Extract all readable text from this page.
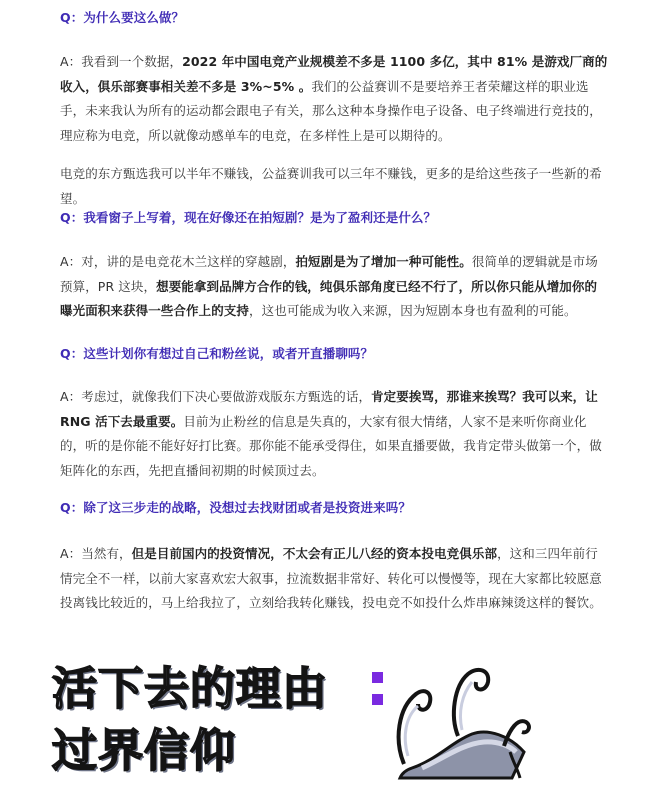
Q：为什么要这么做？
A：我看到一个数据，2022 年中国电竞产业规模差不多是 1100 多亿，其中 81% 是游戏厂商的收入，俱乐部赛事相关差不多是 3%~5% 。我们的公益赛训不是要培养王者荣耀这样的职业选手，未来我认为所有的运动都会跟电子有关，那么这种本身操作电子设备、电子终端进行竞技的，理应称为电竞，所以就像动感单车的电竞，在多样性上是可以期待的。
电竞的东方甄选我可以半年不赚钱，公益赛训我可以三年不赚钱，更多的是给这些孩子一些新的希望。
Q：我看窗子上写着，现在好像还在拍短剧？是为了盈利还是什么？
A：对，讲的是电竞花木兰这样的穿越剧，拍短剧是为了增加一种可能性。很简单的逻辑就是市场预算，PR 这块，想要能拿到品牌方合作的钱，纯俱乐部角度已经不行了，所以你只能从增加你的曝光面积来获得一些合作上的支持，这也可能成为收入来源，因为短剧本身也有盈利的可能。
Q：这些计划你有想过自己和粉丝说，或者开直播聊吗？
A：考虑过，就像我们下决心要做游戏版东方甄选的话，肯定要挨骂，那谁来挨骂？我可以来，让 RNG 活下去最重要。目前为止粉丝的信息是失真的，大家有很大情绪，人家不是来听你商业化的，听的是你能不能好好打比赛。那你能不能承受得住，如果直播要做，我肯定带头做第一个，做矩阵化的东西，先把直播间初期的时候顶过去。
Q：除了这三步走的战略，没想过去找财团或者是投资进来吗？
A：当然有，但是目前国内的投资情况，不太会有正儿八经的资本投电竞俱乐部，这和三四年前行情完全不一样，以前大家喜欢宏大叙事，拉流数据非常好、转化可以慢慢等，现在大家都比较愿意投离钱比较近的，马上给我拉了，立刻给我转化赚钱，投电竞不如投什么炸串麻辣烫这样的餐饮。
活下去的理由
过界信仰
